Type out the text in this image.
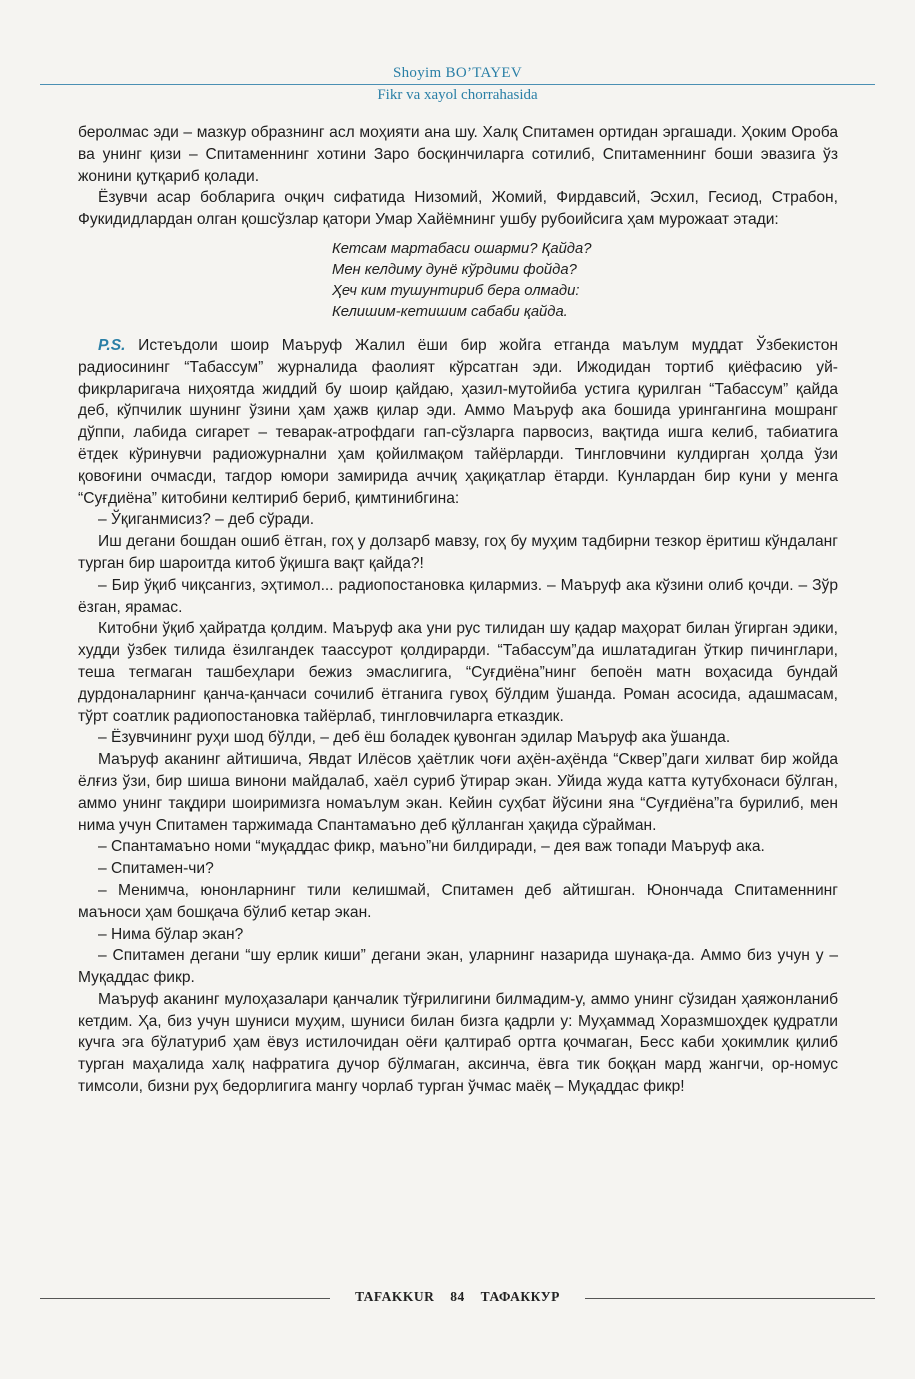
Shoyim BO’TAYEV
Fikr va xayol chorrahasida

беролмас эди – мазкур образнинг асл моҳияти ана шу. Халқ Спитамен ортидан эргашади. Ҳоким Ороба ва унинг қизи – Спитаменнинг хотини Заро босқинчиларга сотилиб, Спитаменнинг боши эвазига ўз жонини қутқариб қолади.

Ёзувчи асар бобларига очқич сифатида Низомий, Жомий, Фирдавсий, Эсхил, Гесиод, Страбон, Фукидидлардан олган қошсўзлар қатори Умар Хайёмнинг ушбу рубоийсига ҳам мурожаат этади:

Кетсам мартабаси ошарми? Қайда?
Мен келдиму дунё кўрдими фойда?
Ҳеч ким тушунтириб бера олмади:
Келишим-кетишим сабаби қайда.

P.S. Истеъдоли шоир Маъруф Жалил ёши бир жойга етганда маълум муддат Ўзбекистон радиосининг “Табассум” журналида фаолият кўрсатган эди. Ижодидан тортиб қиёфасию уй-фикрларигача ниҳоятда жиддий бу шоир қайдаю, ҳазил-мутойиба устига қурилган “Табассум” қайда деб, кўпчилик шунинг ўзини ҳам ҳажв қилар эди. Аммо Маъруф ака бошида урингангина мошранг дўппи, лабида сигарет – теварак-атрофдаги гап-сўзларга парвосиз, вақтида ишга келиб, табиатига ётдек кўринувчи радиожурнални ҳам қойилмақом тайёрларди. Тингловчини кулдирган ҳолда ўзи қовоғини очмасди, тагдор юмори замирида аччиқ ҳақиқатлар ётарди. Кунлардан бир куни у менга “Суғдиёна” китобини келтириб бериб, қимтинибгина:

– Ўқиганмисиз? – деб сўради.

Иш дегани бошдан ошиб ётган, гоҳ у долзарб мавзу, гоҳ бу муҳим тадбирни тезкор ёритиш кўндаланг турган бир шароитда китоб ўқишга вақт қайда?!

– Бир ўқиб чиқсангиз, эҳтимол... радиопостановка қилармиз. – Маъруф ака кўзини олиб қочди. – Зўр ёзган, ярамас.

Китобни ўқиб ҳайратда қолдим. Маъруф ака уни рус тилидан шу қадар маҳорат билан ўгирган эдики, худди ўзбек тилида ёзилгандек таассурот қолдирарди. “Табассум”да ишлатадиган ўткир пичинглари, теша тегмаган ташбеҳлари бежиз эмаслигига, “Суғдиёна”нинг бепоён матн воҳасида бундай дурдоналарнинг қанча-қанчаси сочилиб ётганига гувоҳ бўлдим ўшанда. Роман асосида, адашмасам, тўрт соатлик радиопостановка тайёрлаб, тингловчиларга етказдик.

– Ёзувчининг руҳи шод бўлди, – деб ёш боладек қувонган эдилар Маъруф ака ўшанда.

Маъруф аканинг айтишича, Явдат Илёсов ҳаётлик чоғи аҳён-аҳёнда “Сквер”даги хилват бир жойда ёлғиз ўзи, бир шиша винони майдалаб, хаёл суриб ўтирар экан. Уйида жуда катта кутубхонаси бўлган, аммо унинг тақдири шоиримизга номаълум экан. Кейин суҳбат йўсини яна “Суғдиёна”га бурилиб, мен нима учун Спитамен таржимада Спантамаъно деб қўлланган ҳақида сўрайман.

– Спантамаъно номи “муқаддас фикр, маъно”ни билдиради, – дея важ топади Маъруф ака.

– Спитамен-чи?

– Менимча, юнонларнинг тили келишмай, Спитамен деб айтишган. Юнончада Спитаменнинг маъноси ҳам бошқача бўлиб кетар экан.

– Нима бўлар экан?

– Спитамен дегани “шу ерлик киши” дегани экан, уларнинг назарида шунақа-да. Аммо биз учун у – Муқаддас фикр.

Маъруф аканинг мулоҳазалари қанчалик тўғрилигини билмадим-у, аммо унинг сўзидан ҳаяжонланиб кетдим. Ҳа, биз учун шуниси муҳим, шуниси билан бизга қадрли у: Муҳаммад Хоразмшоҳдек қудратли кучга эга бўлатуриб ҳам ёвуз истилочидан оёғи қалтираб ортга қочмаган, Бесс каби ҳокимлик қилиб турган маҳалида халқ нафратига дучор бўлмаган, аксинча, ёвга тик боққан мард жангчи, ор-номус тимсоли, бизни руҳ бедорлигига мангу чорлаб турган ўчмас маёқ – Муқаддас фикр!

TAFAKKUR 84 ТАФАККУР
